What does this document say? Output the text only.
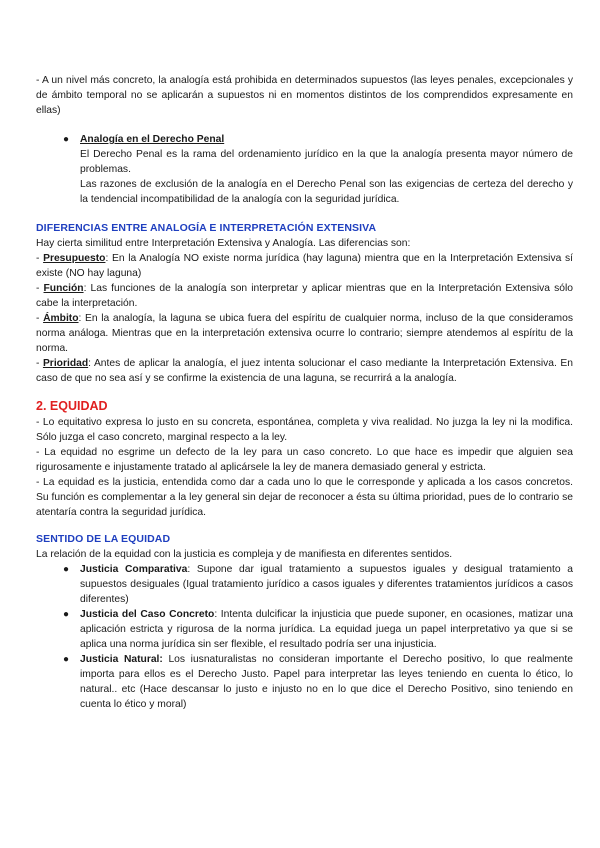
- A un nivel más concreto, la analogía está prohibida en determinados supuestos (las leyes penales, excepcionales y de ámbito temporal no se aplicarán a supuestos ni en momentos distintos de los comprendidos expresamente en ellas)

● Analogía en el Derecho Penal

El Derecho Penal es la rama del ordenamiento jurídico en la que la analogía presenta mayor número de problemas.

Las razones de exclusión de la analogía en el Derecho Penal son las exigencias de certeza del derecho y la tendencial incompatibilidad de la analogía con la seguridad jurídica.

DIFERENCIAS ENTRE ANALOGÍA E INTERPRETACIÓN EXTENSIVA

Hay cierta similitud entre Interpretación Extensiva y Analogía. Las diferencias son:

- Presupuesto: En la Analogía NO existe norma jurídica (hay laguna) mientra que en la Interpretación Extensiva sí existe (NO hay laguna)

- Función: Las funciones de la analogía son interpretar y aplicar mientras que en la Interpretación Extensiva sólo cabe la interpretación.

- Ámbito: En la analogía, la laguna se ubica fuera del espíritu de cualquier norma, incluso de la que consideramos norma análoga. Mientras que en la interpretación extensiva ocurre lo contrario; siempre atendemos al espíritu de la norma.

- Prioridad: Antes de aplicar la analogía, el juez intenta solucionar el caso mediante la Interpretación Extensiva. En caso de que no sea así y se confirme la existencia de una laguna, se recurrirá a la analogía.

2. EQUIDAD

- Lo equitativo expresa lo justo en su concreta, espontánea, completa y viva realidad. No juzga la ley ni la modifica. Sólo juzga el caso concreto, marginal respecto a la ley.

- La equidad no esgrime un defecto de la ley para un caso concreto. Lo que hace es impedir que alguien sea rigurosamente e injustamente tratado al aplicársele la ley de manera demasiado general y estricta.

- La equidad es la justicia, entendida como dar a cada uno lo que le corresponde y aplicada a los casos concretos. Su función es complementar a la ley general sin dejar de reconocer a ésta su última prioridad, pues de lo contrario se atentaría contra la seguridad jurídica.

SENTIDO DE LA EQUIDAD

La relación de la equidad con la justicia es compleja y de manifiesta en diferentes sentidos.

● Justicia Comparativa: Supone dar igual tratamiento a supuestos iguales y desigual tratamiento a supuestos desiguales (Igual tratamiento jurídico a casos iguales y diferentes tratamientos jurídicos a casos diferentes)
● Justicia del Caso Concreto: Intenta dulcificar la injusticia que puede suponer, en ocasiones, matizar una aplicación estricta y rigurosa de la norma jurídica. La equidad juega un papel interpretativo ya que si se aplica una norma jurídica sin ser flexible, el resultado podría ser una injusticia.
● Justicia Natural: Los iusnaturalistas no consideran importante el Derecho positivo, lo que realmente importa para ellos es el Derecho Justo. Papel para interpretar las leyes teniendo en cuenta lo ético, lo natural.. etc (Hace descansar lo justo e injusto no en lo que dice el Derecho Positivo, sino teniendo en cuenta lo ético y moral)
